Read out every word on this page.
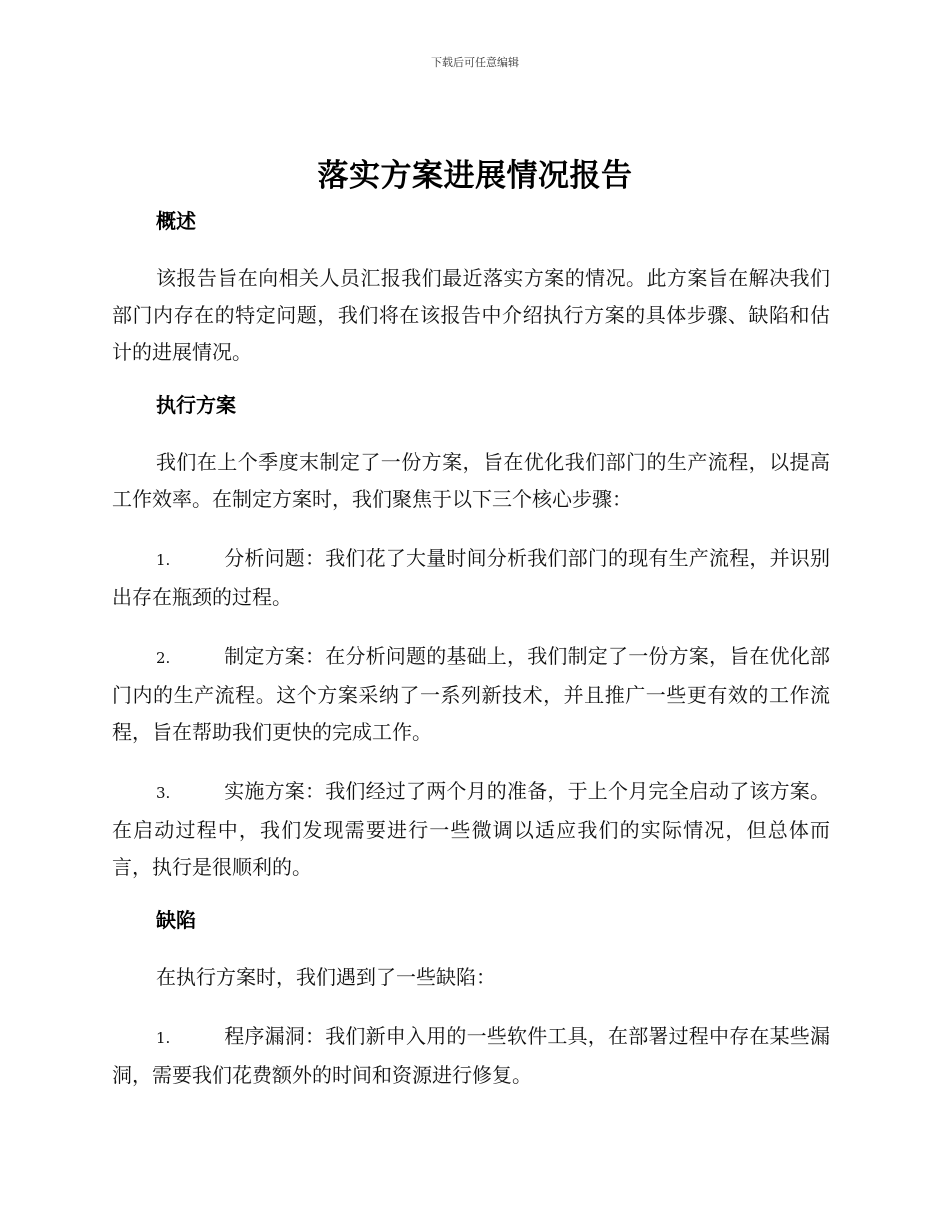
下载后可任意编辑
落实方案进展情况报告
概述

该报告旨在向相关人员汇报我们最近落实方案的情况。此方案旨在解决我们部门内存在的特定问题，我们将在该报告中介绍执行方案的具体步骤、缺陷和估计的进展情况。

执行方案

我们在上个季度末制定了一份方案，旨在优化我们部门的生产流程，以提高工作效率。在制定方案时，我们聚焦于以下三个核心步骤：

1.	分析问题：我们花了大量时间分析我们部门的现有生产流程，并识别出存在瓶颈的过程。

2.	制定方案：在分析问题的基础上，我们制定了一份方案，旨在优化部门内的生产流程。这个方案采纳了一系列新技术，并且推广一些更有效的工作流程，旨在帮助我们更快的完成工作。

3.	实施方案：我们经过了两个月的准备，于上个月完全启动了该方案。在启动过程中，我们发现需要进行一些微调以适应我们的实际情况，但总体而言，执行是很顺利的。

缺陷

在执行方案时，我们遇到了一些缺陷：

1.	程序漏洞：我们新申入用的一些软件工具，在部署过程中存在某些漏洞，需要我们花费额外的时间和资源进行修复。
